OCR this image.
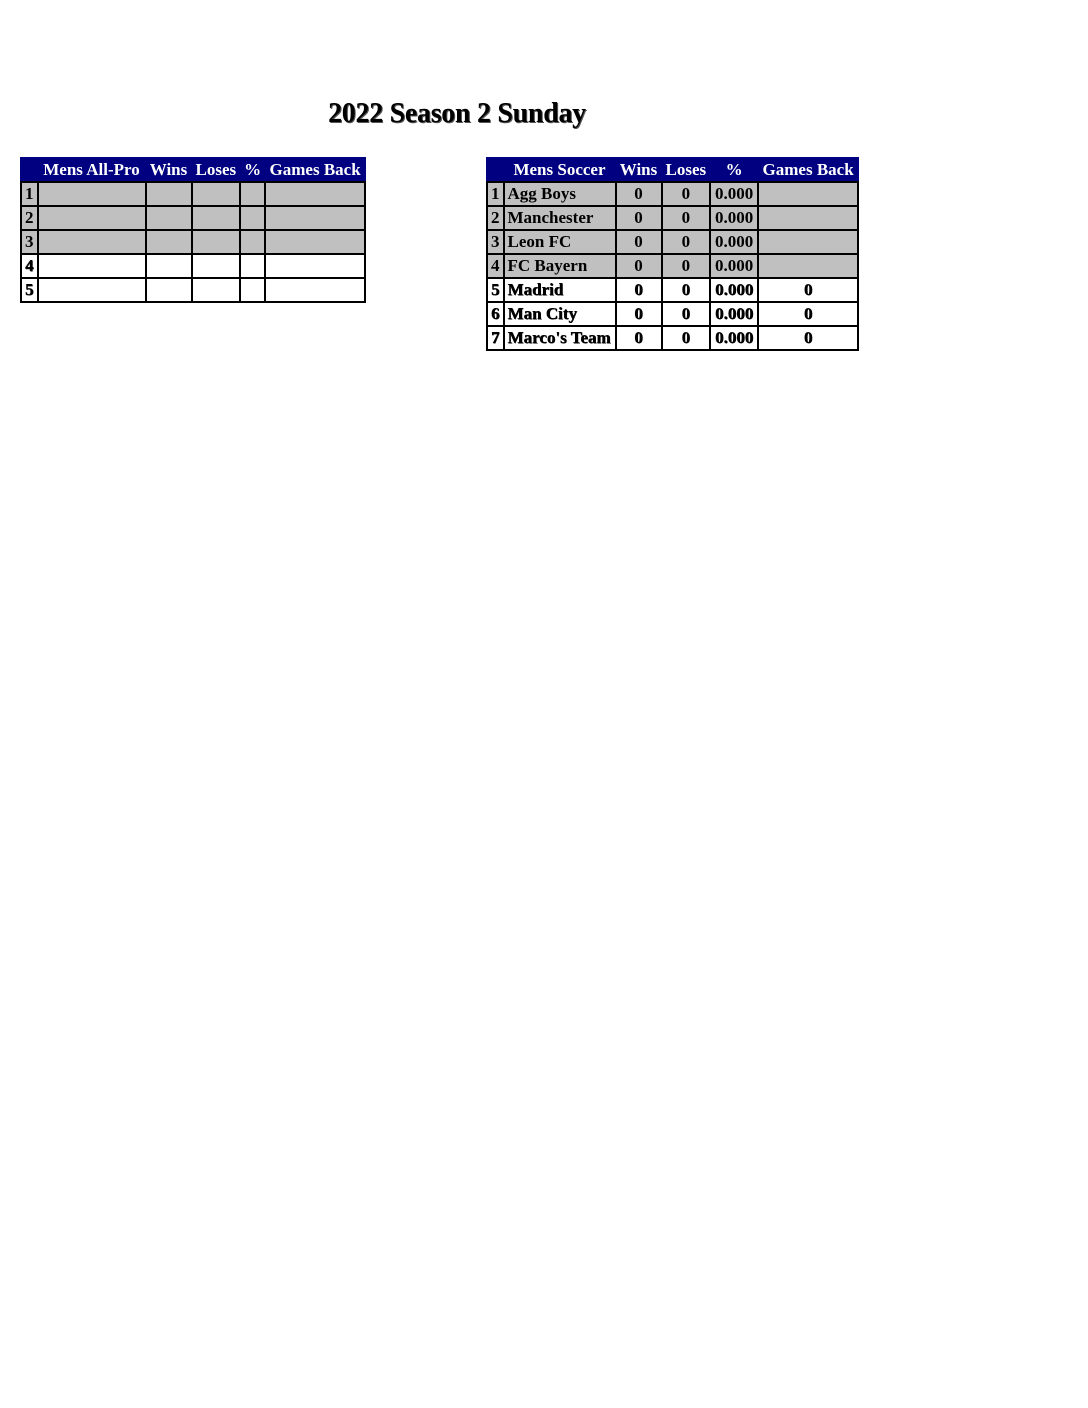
2022 Season 2 Sunday
	Mens All-Pro	Wins	Loses	%	Games Back
1					
2					
3					
4					
5					
	Mens Soccer	Wins	Loses	%	Games Back
1	Agg Boys	0	0	0.000	
2	Manchester	0	0	0.000	
3	Leon FC	0	0	0.000	
4	FC Bayern	0	0	0.000	
5	Madrid	0	0	0.000	0
6	Man City	0	0	0.000	0
7	Marco's Team	0	0	0.000	0
